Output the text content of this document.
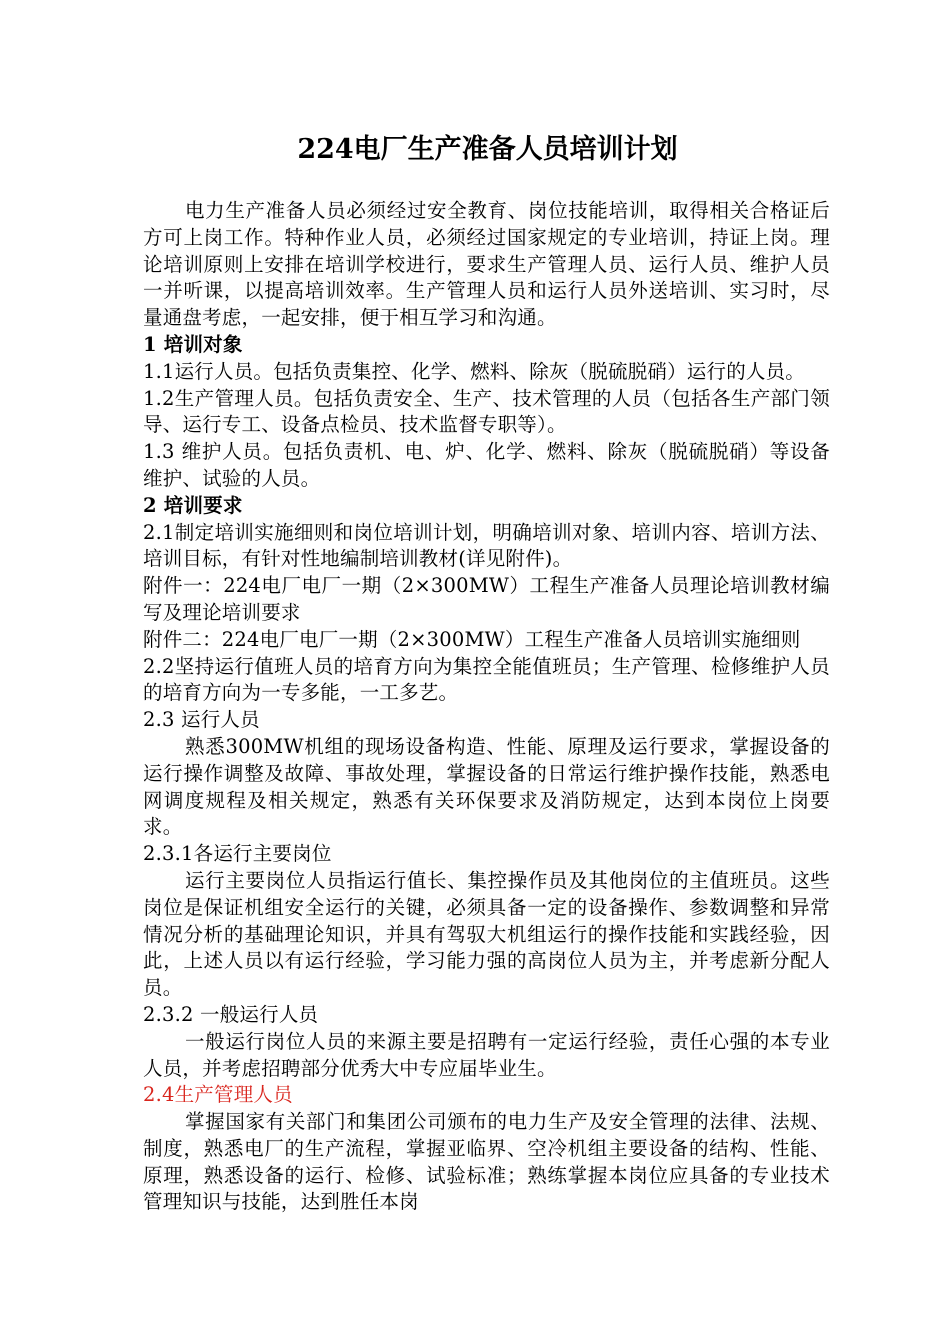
224电厂生产准备人员培训计划

电力生产准备人员必须经过安全教育、岗位技能培训，取得相关合格证后方可上岗工作。特种作业人员，必须经过国家规定的专业培训，持证上岗。理论培训原则上安排在培训学校进行，要求生产管理人员、运行人员、维护人员一并听课，以提高培训效率。生产管理人员和运行人员外送培训、实习时，尽量通盘考虑，一起安排，便于相互学习和沟通。

1 培训对象

1.1运行人员。包括负责集控、化学、燃料、除灰（脱硫脱硝）运行的人员。

1.2生产管理人员。包括负责安全、生产、技术管理的人员（包括各生产部门领导、运行专工、设备点检员、技术监督专职等）。

1.3 维护人员。包括负责机、电、炉、化学、燃料、除灰（脱硫脱硝）等设备维护、试验的人员。

2 培训要求

2.1制定培训实施细则和岗位培训计划，明确培训对象、培训内容、培训方法、培训目标，有针对性地编制培训教材(详见附件)。

附件一：224电厂电厂一期（2×300MW）工程生产准备人员理论培训教材编写及理论培训要求

附件二：224电厂电厂一期（2×300MW）工程生产准备人员培训实施细则

2.2坚持运行值班人员的培育方向为集控全能值班员；生产管理、检修维护人员的培育方向为一专多能，一工多艺。

2.3 运行人员

熟悉300MW机组的现场设备构造、性能、原理及运行要求，掌握设备的运行操作调整及故障、事故处理，掌握设备的日常运行维护操作技能，熟悉电网调度规程及相关规定，熟悉有关环保要求及消防规定，达到本岗位上岗要求。

2.3.1各运行主要岗位

运行主要岗位人员指运行值长、集控操作员及其他岗位的主值班员。这些岗位是保证机组安全运行的关键，必须具备一定的设备操作、参数调整和异常情况分析的基础理论知识，并具有驾驭大机组运行的操作技能和实践经验，因此，上述人员以有运行经验，学习能力强的高岗位人员为主，并考虑新分配人员。

2.3.2 一般运行人员

一般运行岗位人员的来源主要是招聘有一定运行经验，责任心强的本专业人员，并考虑招聘部分优秀大中专应届毕业生。

2.4生产管理人员

掌握国家有关部门和集团公司颁布的电力生产及安全管理的法律、法规、制度，熟悉电厂的生产流程，掌握亚临界、空冷机组主要设备的结构、性能、原理，熟悉设备的运行、检修、试验标准；熟练掌握本岗位应具备的专业技术管理知识与技能，达到胜任本岗
